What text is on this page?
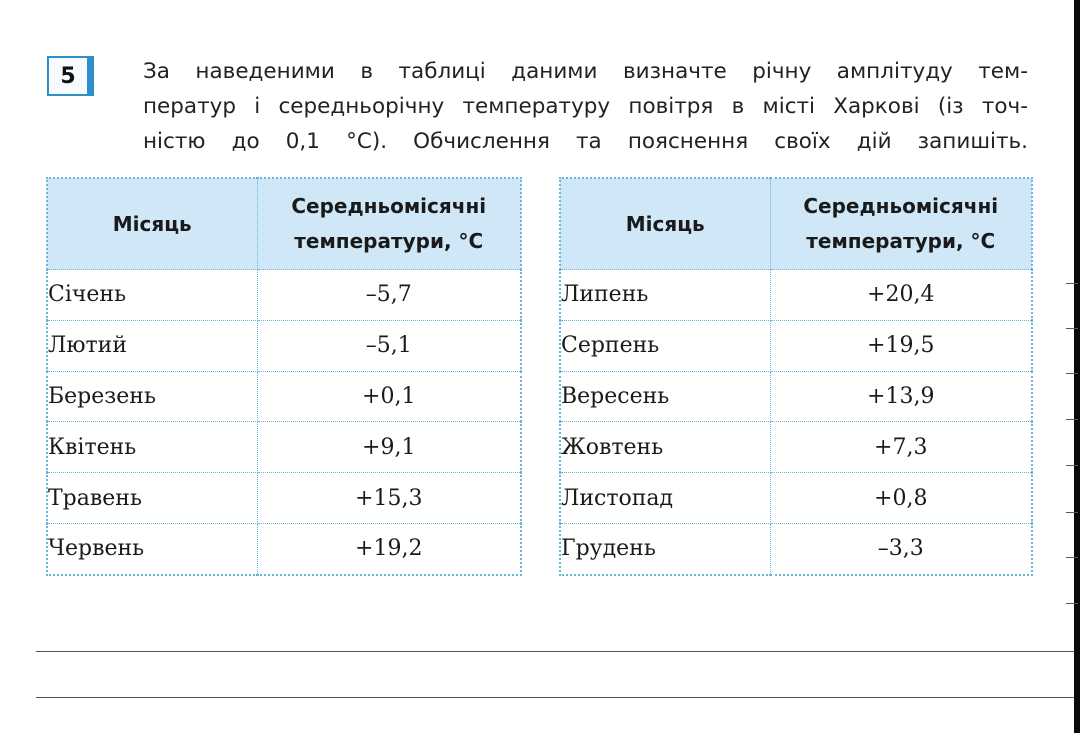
5	За наведеними в таблиці даними визначте річну амплітуду тем-
ператур і середньорічну температуру повітря в місті Харкові (із точ-
ністю до 0,1 °С). Обчислення та пояснення своїх дій запишіть.
Місяць	Середньомісячні
температури, °С

Січень	–5,7
Лютий	–5,1
Березень	+0,1
Квітень	+9,1
Травень	+15,3
Червень	+19,2
Місяць	Середньомісячні
температури, °С

Липень	+20,4
Серпень	+19,5
Вересень	+13,9
Жовтень	+7,3
Листопад	+0,8
Грудень	–3,3
